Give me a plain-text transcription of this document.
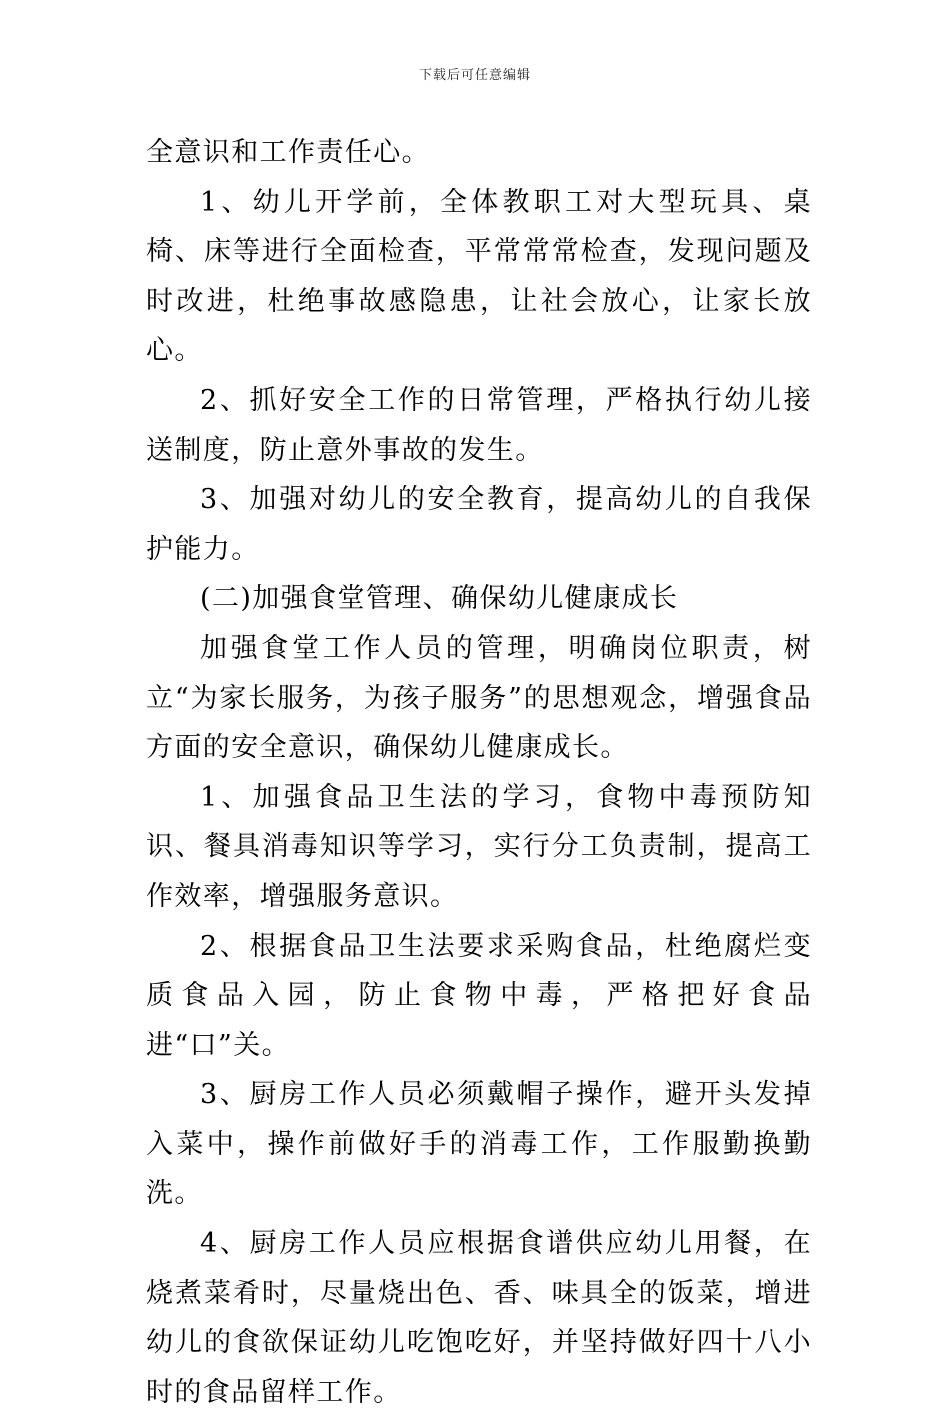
下载后可任意编辑

全意识和工作责任心。

1、幼儿开学前，全体教职工对大型玩具、桌椅、床等进行全面检查，平常常常检查，发现问题及时改进，杜绝事故感隐患，让社会放心，让家长放心。

2、抓好安全工作的日常管理，严格执行幼儿接送制度，防止意外事故的发生。

3、加强对幼儿的安全教育，提高幼儿的自我保护能力。

(二)加强食堂管理、确保幼儿健康成长

加强食堂工作人员的管理，明确岗位职责，树立“为家长服务，为孩子服务”的思想观念，增强食品方面的安全意识，确保幼儿健康成长。

1、加强食品卫生法的学习，食物中毒预防知识、餐具消毒知识等学习，实行分工负责制，提高工作效率，增强服务意识。

2、根据食品卫生法要求采购食品，杜绝腐烂变质食品入园，防止食物中毒，严格把好食品进“口”关。

3、厨房工作人员必须戴帽子操作，避开头发掉入菜中，操作前做好手的消毒工作，工作服勤换勤洗。

4、厨房工作人员应根据食谱供应幼儿用餐，在烧煮菜肴时，尽量烧出色、香、味具全的饭菜，增进幼儿的食欲保证幼儿吃饱吃好，并坚持做好四十八小时的食品留样工作。
